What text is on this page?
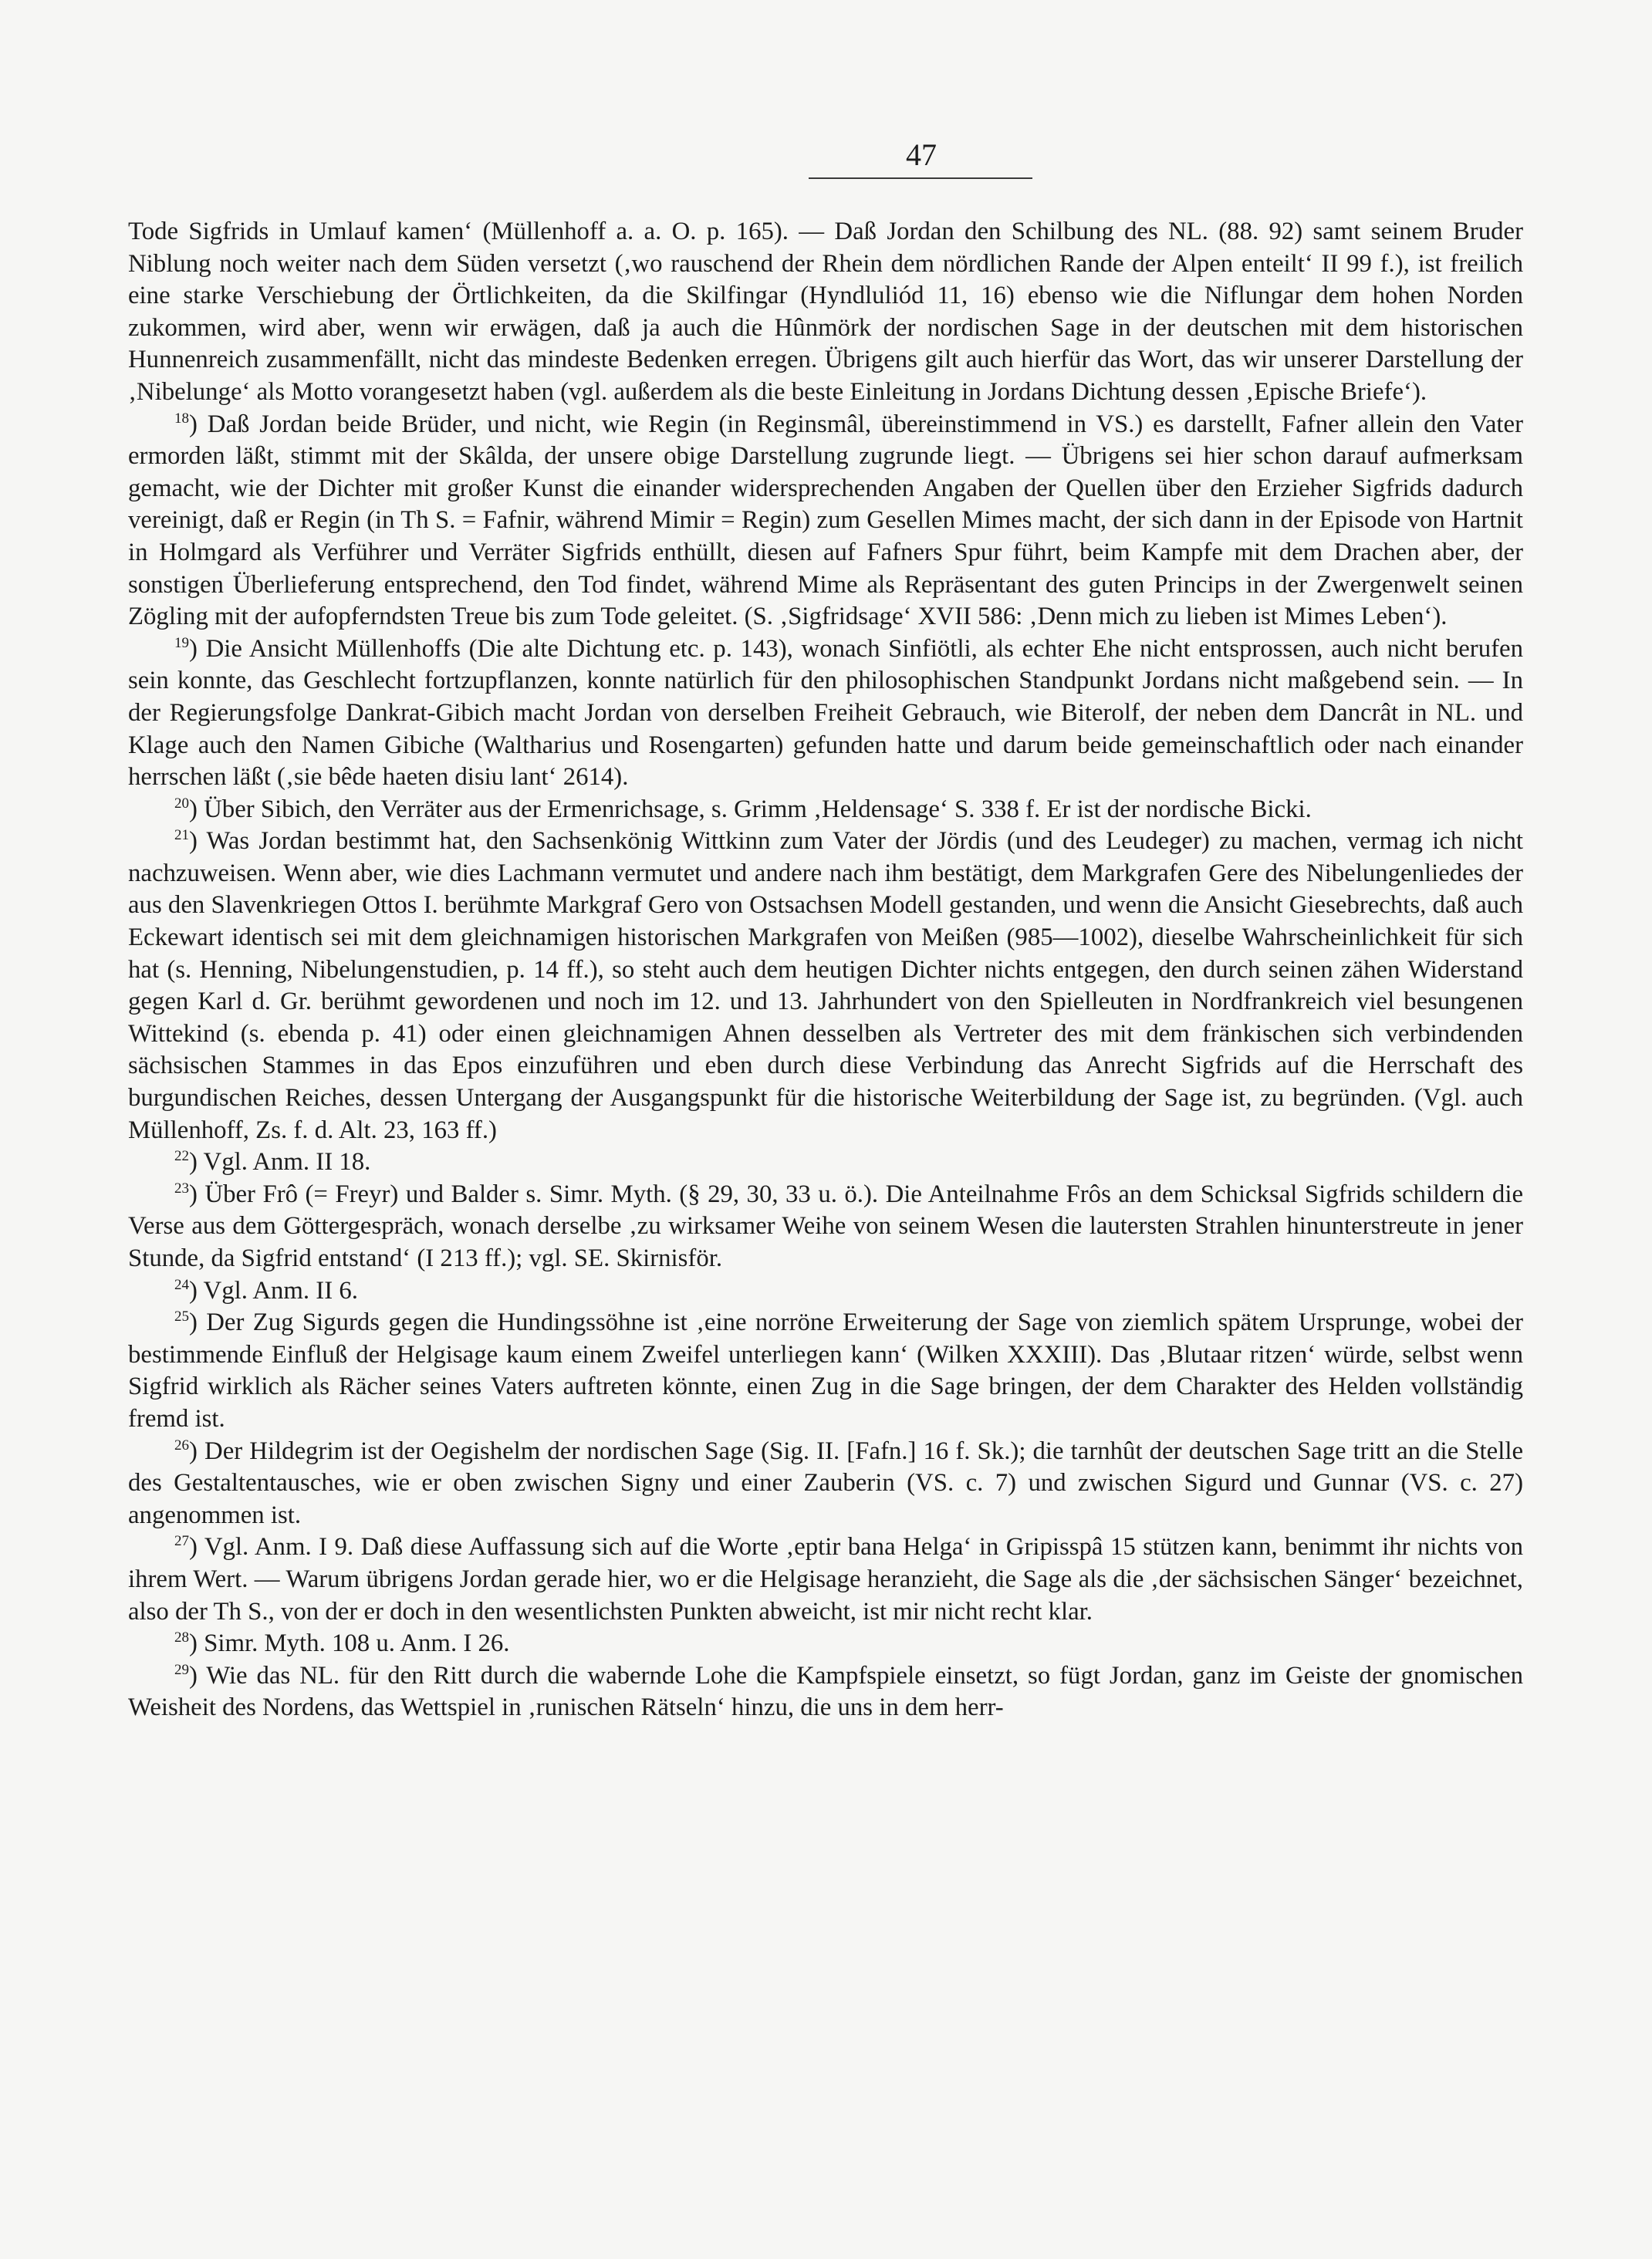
47

Tode Sigfrids in Umlauf kamen‘ (Müllenhoff a. a. O. p. 165). — Daß Jordan den Schilbung des NL. (88. 92) samt seinem Bruder Niblung noch weiter nach dem Süden versetzt (‚wo rauschend der Rhein dem nördlichen Rande der Alpen enteilt‘ II 99 f.), ist freilich eine starke Verschiebung der Örtlichkeiten, da die Skilfingar (Hyndluliód 11, 16) ebenso wie die Niflungar dem hohen Norden zukommen, wird aber, wenn wir erwägen, daß ja auch die Hûnmörk der nordischen Sage in der deutschen mit dem historischen Hunnenreich zusammenfällt, nicht das mindeste Bedenken erregen. Übrigens gilt auch hierfür das Wort, das wir unserer Darstellung der ‚Nibelunge‘ als Motto vorangesetzt haben (vgl. außerdem als die beste Einleitung in Jordans Dichtung dessen ‚Epische Briefe‘).

$^{18}$) Daß Jordan beide Brüder, und nicht, wie Regin (in Reginsmâl, übereinstimmend in VS.) es darstellt, Fafner allein den Vater ermorden läßt, stimmt mit der Skâlda, der unsere obige Darstellung zugrunde liegt. — Übrigens sei hier schon darauf aufmerksam gemacht, wie der Dichter mit großer Kunst die einander widersprechenden Angaben der Quellen über den Erzieher Sigfrids dadurch vereinigt, daß er Regin (in Th S. = Fafnir, während Mimir = Regin) zum Gesellen Mimes macht, der sich dann in der Episode von Hartnit in Holmgard als Verführer und Verräter Sigfrids enthüllt, diesen auf Fafners Spur führt, beim Kampfe mit dem Drachen aber, der sonstigen Überlieferung entsprechend, den Tod findet, während Mime als Repräsentant des guten Princips in der Zwergenwelt seinen Zögling mit der aufopferndsten Treue bis zum Tode geleitet. (S. ‚Sigfridsage‘ XVII 586: ‚Denn mich zu lieben ist Mimes Leben‘).

$^{19}$) Die Ansicht Müllenhoffs (Die alte Dichtung etc. p. 143), wonach Sinfiötli, als echter Ehe nicht entsprossen, auch nicht berufen sein konnte, das Geschlecht fortzupflanzen, konnte natürlich für den philosophischen Standpunkt Jordans nicht maßgebend sein. — In der Regierungsfolge Dankrat-Gibich macht Jordan von derselben Freiheit Gebrauch, wie Biterolf, der neben dem Dancrât in NL. und Klage auch den Namen Gibiche (Waltharius und Rosengarten) gefunden hatte und darum beide gemeinschaftlich oder nach einander herrschen läßt (‚sie bêde haeten disiu lant‘ 2614).

$^{20}$) Über Sibich, den Verräter aus der Ermenrichsage, s. Grimm ‚Heldensage‘ S. 338 f. Er ist der nordische Bicki.

$^{21}$) Was Jordan bestimmt hat, den Sachsenkönig Wittkinn zum Vater der Jördis (und des Leudeger) zu machen, vermag ich nicht nachzuweisen. Wenn aber, wie dies Lachmann vermutet und andere nach ihm bestätigt, dem Markgrafen Gere des Nibelungenliedes der aus den Slavenkriegen Ottos I. berühmte Markgraf Gero von Ostsachsen Modell gestanden, und wenn die Ansicht Giesebrechts, daß auch Eckewart identisch sei mit dem gleichnamigen historischen Markgrafen von Meißen (985—1002), dieselbe Wahrscheinlichkeit für sich hat (s. Henning, Nibelungenstudien, p. 14 ff.), so steht auch dem heutigen Dichter nichts entgegen, den durch seinen zähen Widerstand gegen Karl d. Gr. berühmt gewordenen und noch im 12. und 13. Jahrhundert von den Spielleuten in Nordfrankreich viel besungenen Wittekind (s. ebenda p. 41) oder einen gleichnamigen Ahnen desselben als Vertreter des mit dem fränkischen sich verbindenden sächsischen Stammes in das Epos einzuführen und eben durch diese Verbindung das Anrecht Sigfrids auf die Herrschaft des burgundischen Reiches, dessen Untergang der Ausgangspunkt für die historische Weiterbildung der Sage ist, zu begründen. (Vgl. auch Müllenhoff, Zs. f. d. Alt. 23, 163 ff.)

$^{22}$) Vgl. Anm. II 18.

$^{23}$) Über Frô (= Freyr) und Balder s. Simr. Myth. (§ 29, 30, 33 u. ö.). Die Anteilnahme Frôs an dem Schicksal Sigfrids schildern die Verse aus dem Göttergespräch, wonach derselbe ‚zu wirksamer Weihe von seinem Wesen die lautersten Strahlen hinunterstreute in jener Stunde, da Sigfrid entstand‘ (I 213 ff.); vgl. SE. Skirnisför.

$^{24}$) Vgl. Anm. II 6.

$^{25}$) Der Zug Sigurds gegen die Hundingssöhne ist ‚eine norröne Erweiterung der Sage von ziemlich spätem Ursprunge, wobei der bestimmende Einfluß der Helgisage kaum einem Zweifel unterliegen kann‘ (Wilken XXXIII). Das ‚Blutaar ritzen‘ würde, selbst wenn Sigfrid wirklich als Rächer seines Vaters auftreten könnte, einen Zug in die Sage bringen, der dem Charakter des Helden vollständig fremd ist.

$^{26}$) Der Hildegrim ist der Oegishelm der nordischen Sage (Sig. II. [Fafn.] 16 f. Sk.); die tarnhût der deutschen Sage tritt an die Stelle des Gestaltentausches, wie er oben zwischen Signy und einer Zauberin (VS. c. 7) und zwischen Sigurd und Gunnar (VS. c. 27) angenommen ist.

$^{27}$) Vgl. Anm. I 9. Daß diese Auffassung sich auf die Worte ‚eptir bana Helga‘ in Gripisspâ 15 stützen kann, benimmt ihr nichts von ihrem Wert. — Warum übrigens Jordan gerade hier, wo er die Helgisage heranzieht, die Sage als die ‚der sächsischen Sänger‘ bezeichnet, also der Th S., von der er doch in den wesentlichsten Punkten abweicht, ist mir nicht recht klar.

$^{28}$) Simr. Myth. 108 u. Anm. I 26.

$^{29}$) Wie das NL. für den Ritt durch die wabernde Lohe die Kampfspiele einsetzt, so fügt Jordan, ganz im Geiste der gnomischen Weisheit des Nordens, das Wettspiel in ‚runischen Rätseln‘ hinzu, die uns in dem herr-
